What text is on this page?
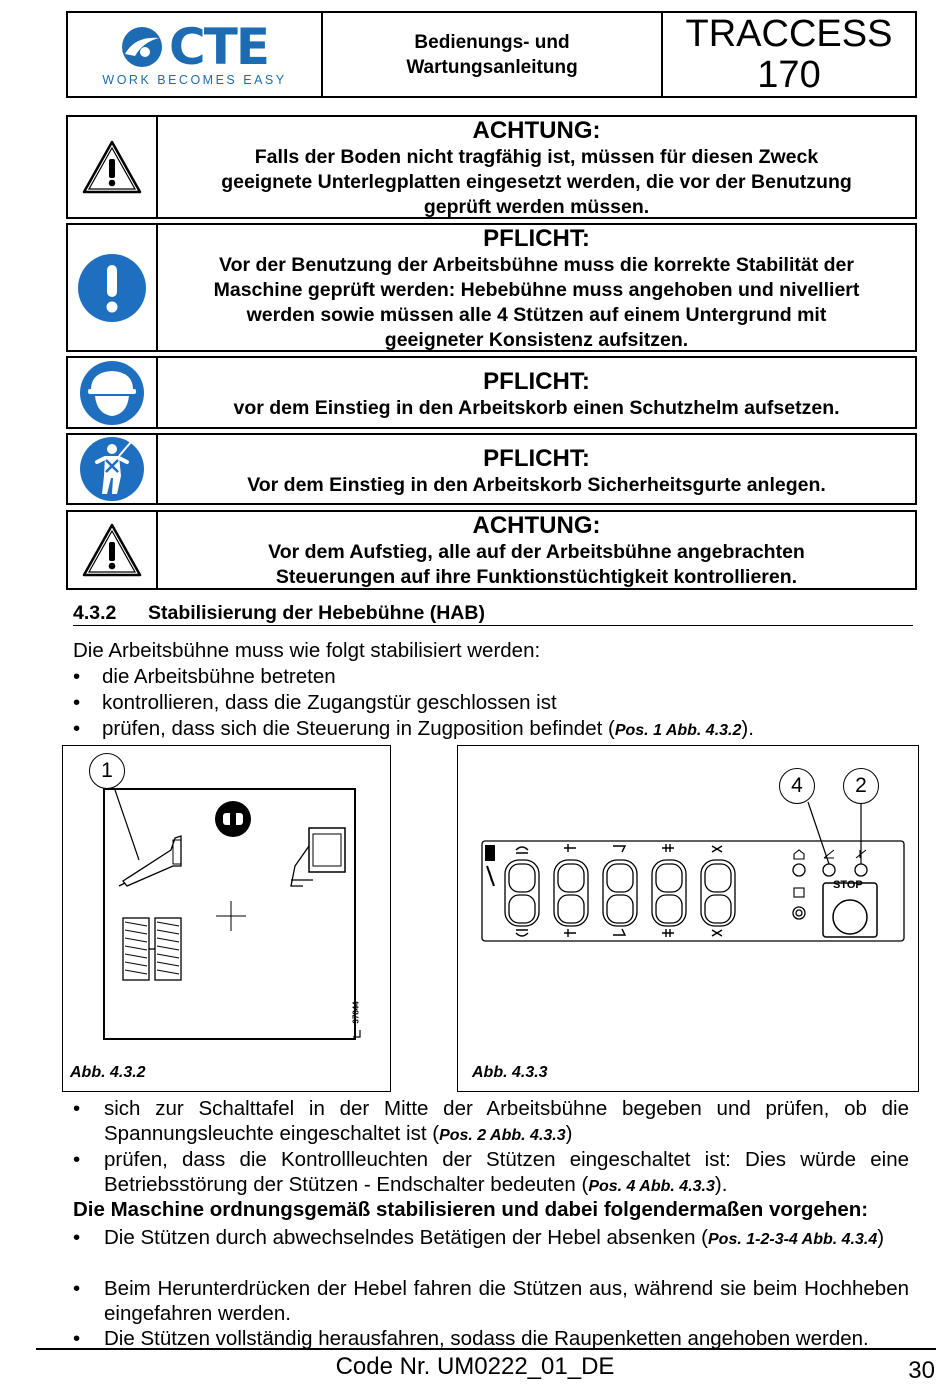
CTE
WORK BECOMES EASY
Bedienungs- und
Wartungsanleitung
TRACCESS
170
ACHTUNG:
Falls der Boden nicht tragfähig ist, müssen für diesen Zweck
geeignete Unterlegplatten eingesetzt werden, die vor der Benutzung
geprüft werden müssen.
PFLICHT:
Vor der Benutzung der Arbeitsbühne muss die korrekte Stabilität der
Maschine geprüft werden: Hebebühne muss angehoben und nivelliert
werden sowie müssen alle 4 Stützen auf einem Untergrund mit
geeigneter Konsistenz aufsitzen.
PFLICHT:
vor dem Einstieg in den Arbeitskorb einen Schutzhelm aufsetzen.
PFLICHT:
Vor dem Einstieg in den Arbeitskorb Sicherheitsgurte anlegen.
ACHTUNG:
Vor dem Aufstieg, alle auf der Arbeitsbühne angebrachten
Steuerungen auf ihre Funktionstüchtigkeit kontrollieren.
4.3.2 Stabilisierung der Hebebühne (HAB)
Die Arbeitsbühne muss wie folgt stabilisiert werden:
• die Arbeitsbühne betreten
• kontrollieren, dass die Zugangstür geschlossen ist
• prüfen, dass sich die Steuerung in Zugposition befindet (Pos. 1 Abb. 4.3.2).
37844
1
Abb. 4.3.2
STOP
4	2
Abb. 4.3.3
• sich zur Schalttafel in der Mitte der Arbeitsbühne begeben und prüfen, ob die Spannungsleuchte eingeschaltet ist (Pos. 2 Abb. 4.3.3)
• prüfen, dass die Kontrollleuchten der Stützen eingeschaltet ist: Dies würde eine Betriebsstörung der Stützen - Endschalter bedeuten (Pos. 4 Abb. 4.3.3).
Die Maschine ordnungsgemäß stabilisieren und dabei folgendermaßen vorgehen:
• Die Stützen durch abwechselndes Betätigen der Hebel absenken (Pos. 1-2-3-4 Abb. 4.3.4)
• Beim Herunterdrücken der Hebel fahren die Stützen aus, während sie beim Hochheben eingefahren werden.
• Die Stützen vollständig herausfahren, sodass die Raupenketten angehoben werden.
Code Nr. UM0222_01_DE	30
